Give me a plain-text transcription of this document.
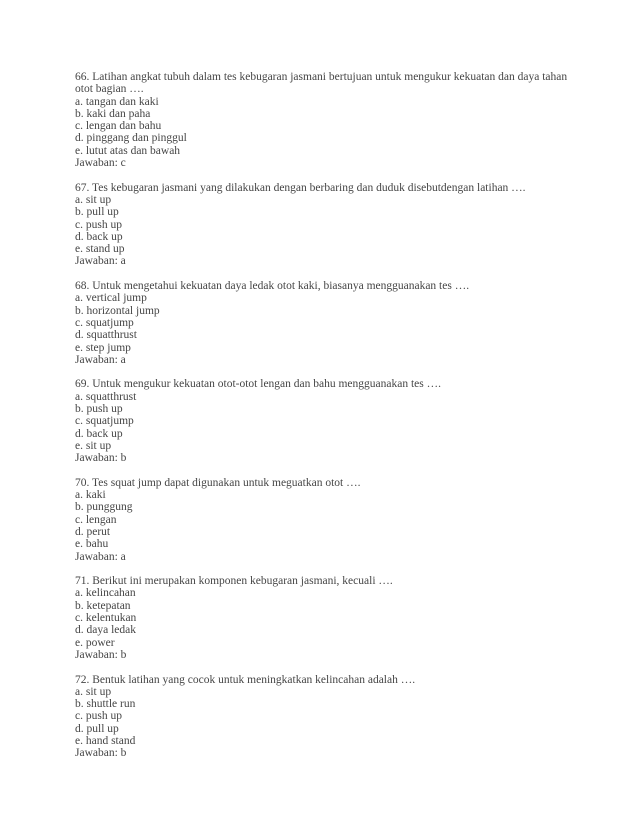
66. Latihan angkat tubuh dalam tes kebugaran jasmani bertujuan untuk mengukur kekuatan dan daya tahan otot bagian ….
a. tangan dan kaki
b. kaki dan paha
c. lengan dan bahu
d. pinggang dan pinggul
e. lutut atas dan bawah
Jawaban: c
67. Tes kebugaran jasmani yang dilakukan dengan berbaring dan duduk disebutdengan latihan ….
a. sit up
b. pull up
c. push up
d. back up
e. stand up
Jawaban: a
68. Untuk mengetahui kekuatan daya ledak otot kaki, biasanya mengguanakan tes ….
a. vertical jump
b. horizontal jump
c. squatjump
d. squatthrust
e. step jump
Jawaban: a
69. Untuk mengukur kekuatan otot-otot lengan dan bahu mengguanakan tes ….
a. squatthrust
b. push up
c. squatjump
d. back up
e. sit up
Jawaban: b
70. Tes squat jump dapat digunakan untuk meguatkan otot ….
a. kaki
b. punggung
c. lengan
d. perut
e. bahu
Jawaban: a
71. Berikut ini merupakan komponen kebugaran jasmani, kecuali ….
a. kelincahan
b. ketepatan
c. kelentukan
d. daya ledak
e. power
Jawaban: b
72. Bentuk latihan yang cocok untuk meningkatkan kelincahan adalah ….
a. sit up
b. shuttle run
c. push up
d. pull up
e. hand stand
Jawaban: b
